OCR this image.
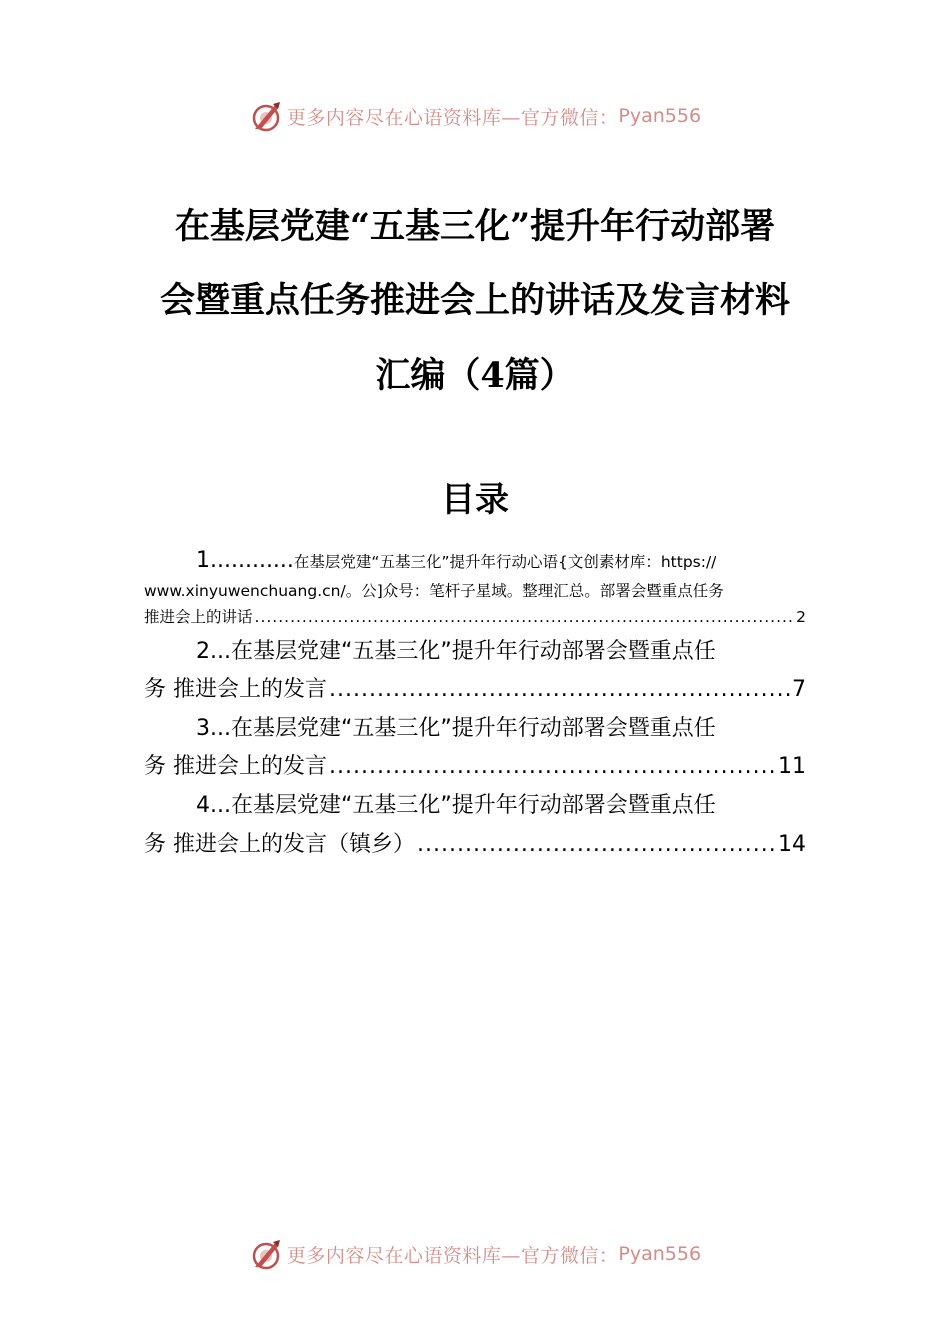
更多内容尽在心语资料库—官方微信： Pyan556
在基层党建“五基三化”提升年行动部署
会暨重点任务推进会上的讲话及发言材料
汇编（4篇）
目录
1............在基层党建“五基三化”提升年行动心语{文创素材库：https://
www.xinyuwenchuang.cn/。公]众号：笔杆子星域。整理汇总。部署会暨重点任务
推进会上的讲话 .....	2
2...在基层党建“五基三化”提升年行动部署会暨重点任
务 推进会上的发言 .....	7
3...在基层党建“五基三化”提升年行动部署会暨重点任
务 推进会上的发言 .....	11
4...在基层党建“五基三化”提升年行动部署会暨重点任
务 推进会上的发言（镇乡） .....	14
更多内容尽在心语资料库—官方微信： Pyan556
